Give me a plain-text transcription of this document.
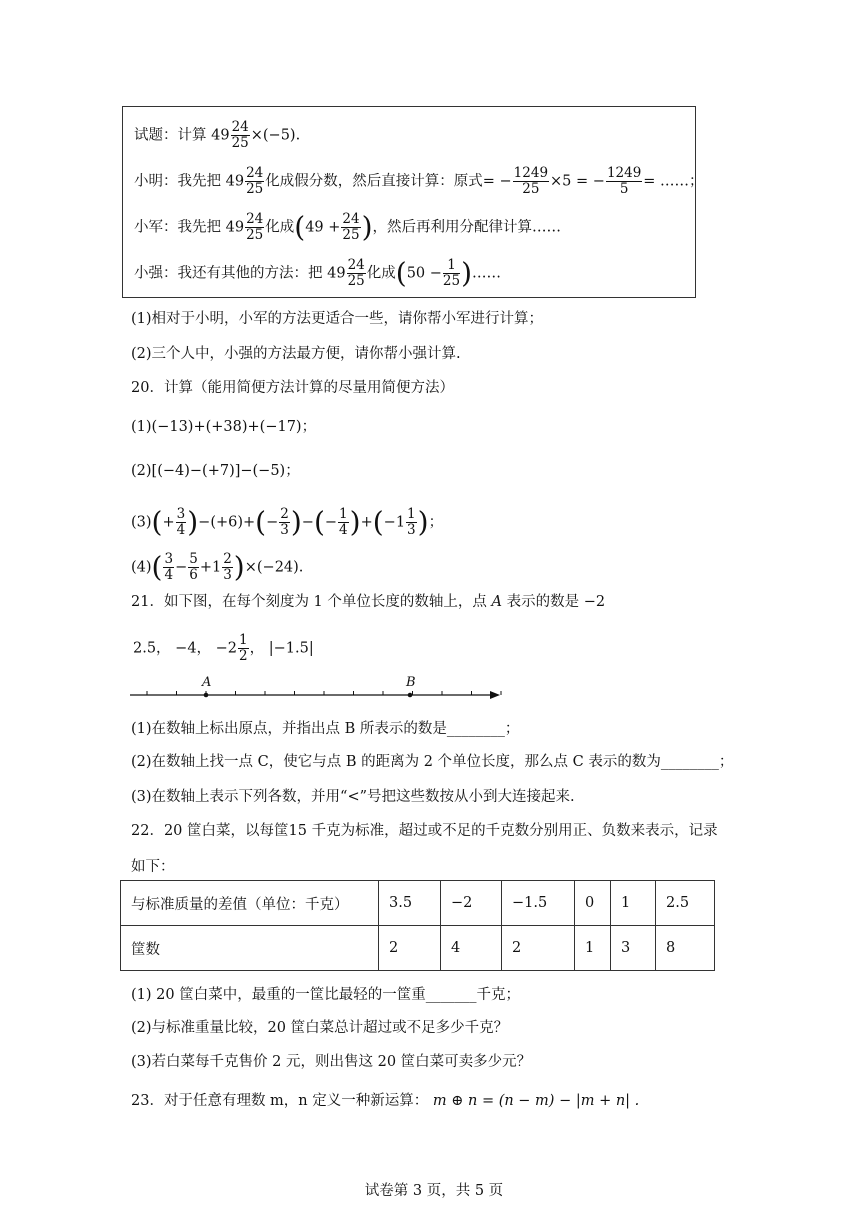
试题：计算 $49 \frac{24}{25} \times(-5)$.
小明：我先把 $49 \frac{24}{25}$ 化成假分数，然后直接计算：原式= − $\frac{1249}{25} \times 5$ = − $\frac{1249}{5}$ = ……；
小军：我先把 $49 \frac{24}{25}$ 化成($49 + \frac{24}{25}$ )，然后再利用分配律计算……
小强：我还有其他的方法：把 $49 \frac{24}{25}$ 化成($50 - \frac{1}{25}$ )……
(1)相对于小明，小军的方法更适合一些，请你帮小军进行计算；
(2)三个人中，小强的方法最方便，请你帮小强计算.
20．计算（能用简便方法计算的尽量用简便方法）
(1)(−13)+(+38)+(−17)；
(2)[(−4)−(+7)]−(−5)；
$(3)(+ \frac{3}{4} )-(+6)+(- \frac{2}{3}$ )−(− $\frac{1}{4} )+(-1 \frac{1}{3}$ )；
$(4)( \frac{3}{4} - \frac{5}{6} +1 \frac{2}{3} )\times(-24)$.
21．如下图，在每个刻度为 1 个单位长度的数轴上，点 A 表示的数是 −2
2.5， −4， $-2 \frac{1}{2}$ ， |−1.5|
A	B
(1)在数轴上标出原点，并指出点 B 所表示的数是________；
(2)在数轴上找一点 C，使它与点 B 的距离为 2 个单位长度，那么点 C 表示的数为________；
(3)在数轴上表示下列各数，并用“<”号把这些数按从小到大连接起来.
22．20 筐白菜，以每筐15 千克为标准，超过或不足的千克数分别用正、负数来表示，记录
如下：
与标准质量的差值（单位：千克）	3.5	−2	−1.5	0	1	2.5
筐数	2	4	2	1	3	8
(1) 20 筐白菜中，最重的一筐比最轻的一筐重_______千克；
(2)与标准重量比较，20 筐白菜总计超过或不足多少千克？
(3)若白菜每千克售价 2 元，则出售这 20 筐白菜可卖多少元？
23．对于任意有理数 m，n 定义一种新运算： m ⊕ n = (n − m) − |m + n| .
试卷第 3 页，共 5 页
